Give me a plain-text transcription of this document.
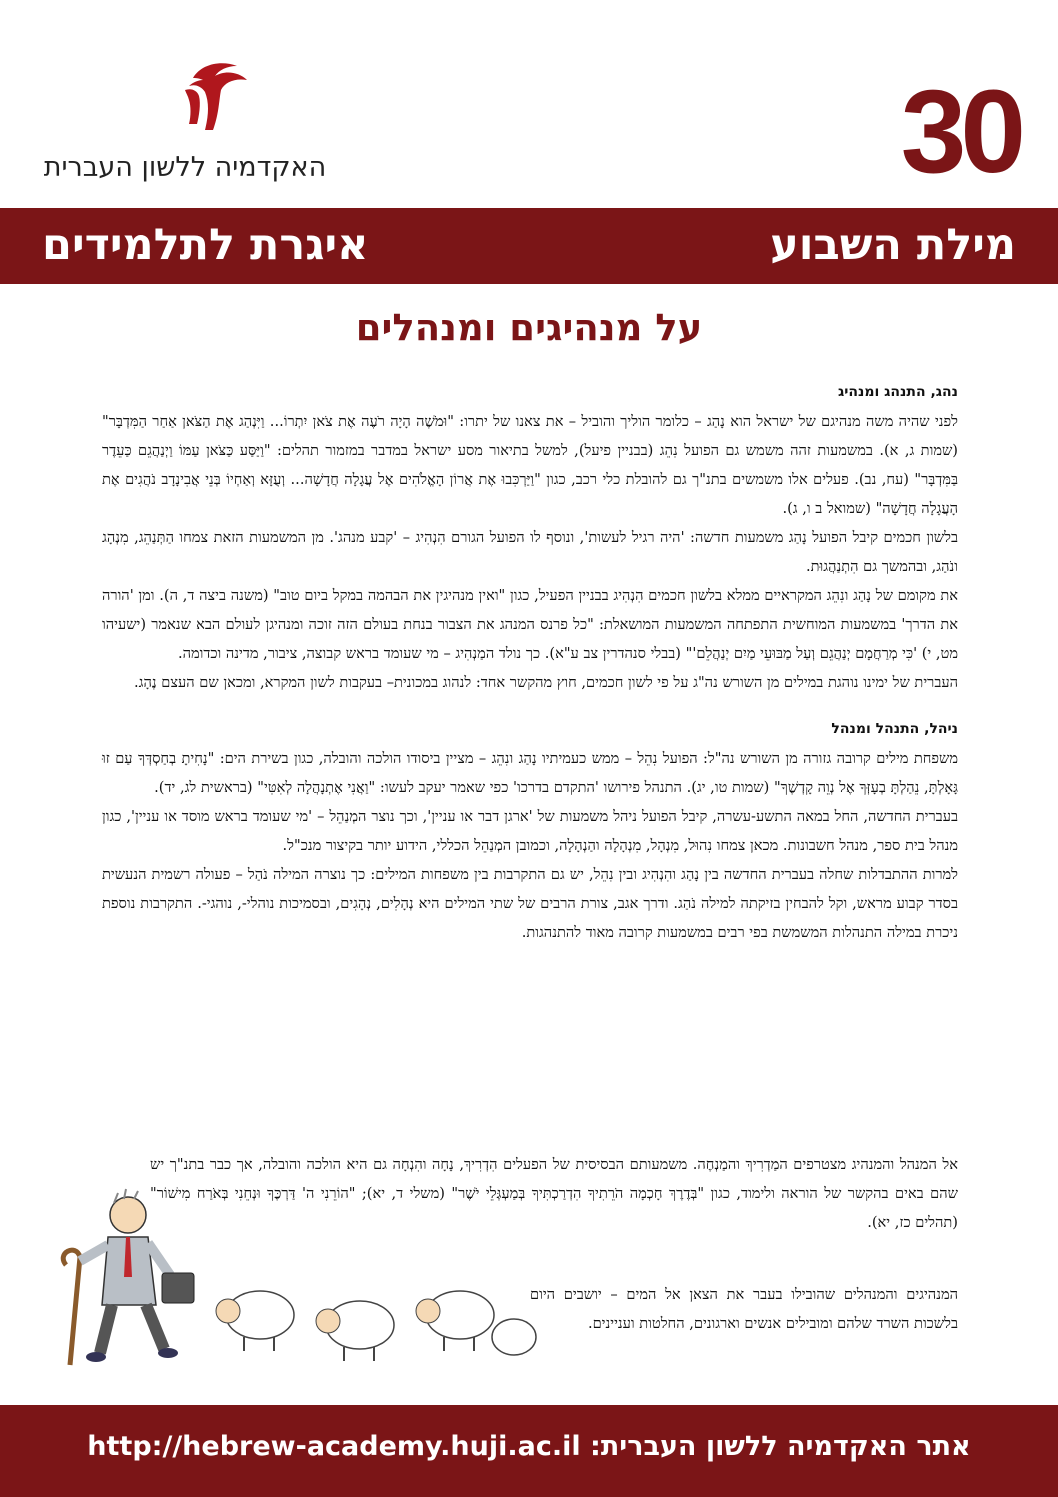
האקדמיה ללשון העברית	30
מילת השבוע
איגרת לתלמידים
על מנהיגים ומנהלים

נהג, התנהג ומנהיג

לפני שהיה משה מנהיגם של ישראל הוא נָהַג – כלומר הוליך והוביל – את צאנו של יתרו: "וּמֹשֶׁה הָיָה רֹעֶה אֶת צֹאן יִתְרוֹ... וַיִּנְהַג אֶת הַצֹּאן אַחַר הַמִּדְבָּר" (שמות ג, א). במשמעות זהה משמש גם הפועל נִהֵג (בבניין פיעל), למשל בתיאור מסע ישראל במדבר במזמור תהלים: "וַיַּסַּע כַּצֹּאן עַמּוֹ וַיְנַהֲגֵם כַּעֵדֶר בַּמִּדְבָּר" (עח, נב). פעלים אלו משמשים בתנ"ך גם להובלת כלי רכב, כגון "וַיַּרְכִּבוּ אֶת אֲרוֹן הָאֱלֹהִים אֶל עֲגָלָה חֲדָשָׁה... וְעֻזָּא וְאַחְיוֹ בְּנֵי אֲבִינָדָב נֹהֲגִים אֶת הָעֲגָלָה חֲדָשָׁה" (שמואל ב ו, ג).

בלשון חכמים קיבל הפועל נָהַג משמעות חדשה: 'היה רגיל לעשות', ונוסף לו הפועל הגורם הִנְהִיג – 'קבע מנהג'. מן המשמעות הזאת צמחו הַתְּנַהֵג, מִנְהָג ונֹהַג, ובהמשך גם הִתְנַהֲגוּת.

את מקומם של נָהַג ונִהֵג המקראיים ממלא בלשון חכמים הִנְהִיג בבניין הפעיל, כגון "ואין מנהיגין את הבהמה במקל ביום טוב" (משנה ביצה ד, ה). ומן 'הורה את הדרך' במשמעות המוחשית התפתחה המשמעות המושאלת: "כל פרנס המנהג את הצבור בנחת בעולם הזה זוכה ומנהיגן לעולם הבא שנאמר (ישעיהו מט, י) 'כִּי מְרַחֲמָם יְנַהֲגֵם וְעַל מַבּוּעֵי מַיִם יְנַהֲלֵם'" (בבלי סנהדרין צב ע"א). כך נולד המַנְהִיג – מי שעומד בראש קבוצה, ציבור, מדינה וכדומה.

העברית של ימינו נוהגת במילים מן השורש נה"ג על פי לשון חכמים, חוץ מהקשר אחד: לנהוג במכונית– בעקבות לשון המקרא, ומכאן שם העצם נֶהָג.

ניהל, התנהל ומנהל

משפחת מילים קרובה גזורה מן השורש נה"ל: הפועל נִהֵל – ממש כעמיתיו נָהַג ונִהֵג – מציין ביסודו הולכה והובלה, כגון בשירת הים: "נָחִיתָ בְחַסְדְּךָ עַם זוּ גָּאָלְתָּ, נֵהַלְתָּ בְעָזְּךָ אֶל נְוֵה קָדְשֶׁךָ" (שמות טו, יג). התנהל פירושו 'התקדם בדרכו' כפי שאמר יעקב לעשו: "וַאֲנִי אֶתְנָהֲלָה לְאִטִּי" (בראשית לג, יד).

בעברית החדשה, החל במאה התשע-עשרה, קיבל הפועל ניהל משמעות של 'ארגן דבר או עניין', וכך נוצר המְנַהֵל – 'מי שעומד בראש מוסד או עניין', כגון מנהל בית ספר, מנהל חשבונות. מכאן צמחו נִהוּל, מִנְהָל, מִנְהָלָה והַנְהָלָה, וכמובן המְנַהֵל הכללי, הידוע יותר בקיצור מנכ"ל.

למרות ההתבדלות שחלה בעברית החדשה בין נָהַג והִנְהִיג ובין נִהֵל, יש גם התקרבות בין משפחות המילים: כך נוצרה המילה נֹהַל – פעולה רשמית הנעשית בסדר קבוע מראש, וקל להבחין בזיקתה למילה נֹהַג. ודרך אגב, צורת הרבים של שתי המילים היא נְהָלִים, נְהָגִים, ובסמיכות נוהלי-, נוהגי-. התקרבות נוספת ניכרת במילה התנהלות המשמשת בפי רבים במשמעות קרובה מאוד להתנהגות.

אל המנהל והמנהיג מצטרפים המַדְרִיךְ והמַנְחֶה. משמעותם הבסיסית של הפעלים הִדְרִיךְ, נָחָה והִנְחָה גם היא הולכה והובלה, אך כבר בתנ"ך יש שהם באים בהקשר של הוראה ולימוד, כגון "בְּדֶרֶךְ חָכְמָה הֹרֵתִיךָ הִדְרַכְתִּיךָ בְּמַעְגְּלֵי יֹשֶׁר" (משלי ד, יא); "הוֹרֵנִי ה' דַּרְכֶּךָ וּנְחֵנִי בְּאֹרַח מִישׁוֹר" (תהלים כז, יא).

המנהיגים והמנהלים שהובילו בעבר את הצאן אל המים – יושבים היום בלשכות השרד שלהם ומובילים אנשים וארגונים, החלטות ועניינים.

אתר האקדמיה ללשון העברית: http://hebrew-academy.huji.ac.il
